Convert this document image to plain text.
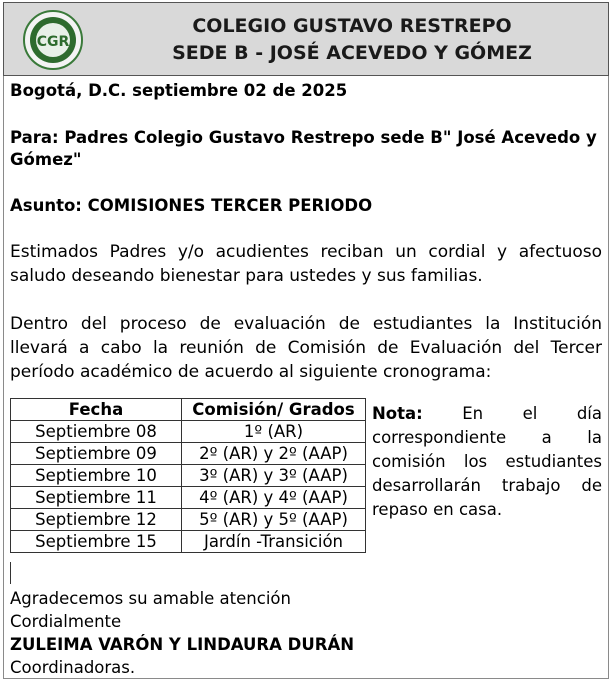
CGR
COLEGIO GUSTAVO RESTREPO
SEDE B - JOSÉ ACEVEDO Y GÓMEZ
Bogotá, D.C. septiembre 02 de 2025
Para: Padres Colegio Gustavo Restrepo sede B" José Acevedo y
Gómez"
Asunto: COMISIONES TERCER PERIODO
Estimados Padres y/o acudientes reciban un cordial y afectuoso saludo deseando bienestar para ustedes y sus familias.
Dentro del proceso de evaluación de estudiantes la Institución llevará a cabo la reunión de Comisión de Evaluación del Tercer período académico de acuerdo al siguiente cronograma:
Fecha	Comisión/ Grados
Septiembre 08	1º (AR)
Septiembre 09	2º (AR) y 2º (AAP)
Septiembre 10	3º (AR) y 3º (AAP)
Septiembre 11	4º (AR) y 4º (AAP)
Septiembre 12	5º (AR) y 5º (AAP)
Septiembre 15	Jardín -Transición
Nota: En el día correspondiente a la comisión los estudiantes desarrollarán trabajo de repaso en casa.
Agradecemos su amable atención
Cordialmente
ZULEIMA VARÓN Y LINDAURA DURÁN
Coordinadoras.
